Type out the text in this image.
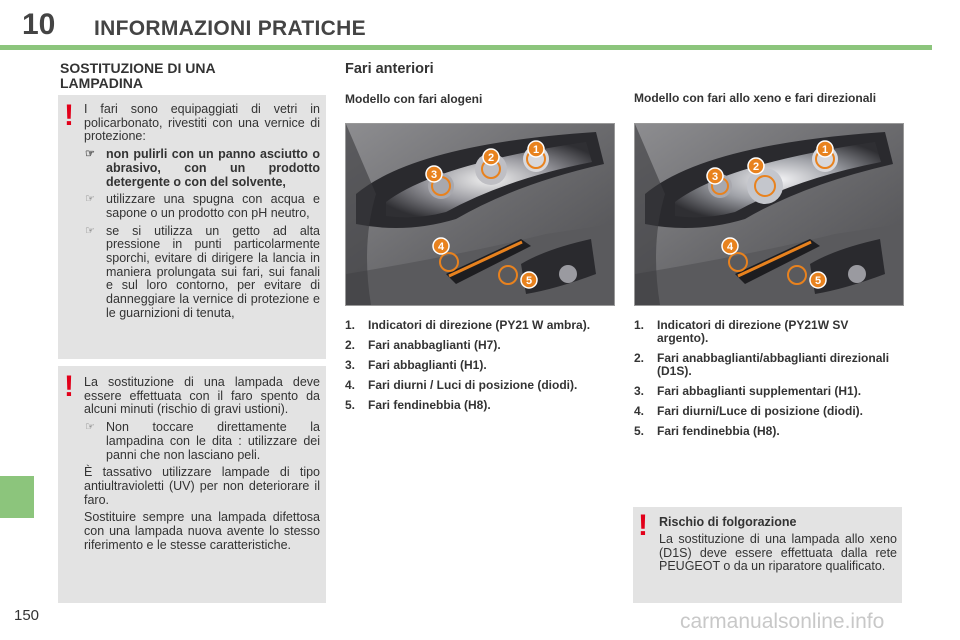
10 INFORMAZIONI PRATICHE
150	carmanualsonline.info
SOSTITUZIONE DI UNA LAMPADINA
! I fari sono equipaggiati di vetri in policarbonato, rivestiti con una vernice di protezione:

☞ non pulirli con un panno asciutto o abrasivo, con un prodotto detergente o con del solvente,
☞ utilizzare una spugna con acqua e sapone o un prodotto con pH neutro,
☞ se si utilizza un getto ad alta pressione in punti particolarmente sporchi, evitare di dirigere la lancia in maniera prolungata sui fari, sui fanali e sul loro contorno, per evitare di danneggiare la vernice di protezione e le guarnizioni di tenuta,
! La sostituzione di una lampada deve essere effettuata con il faro spento da alcuni minuti (rischio di gravi ustioni).

☞ Non toccare direttamente la lampadina con le dita : utilizzare dei panni che non lasciano peli.

È tassativo utilizzare lampade di tipo antiultravioletti (UV) per non deteriorare il faro.

Sostituire sempre una lampada difettosa con una lampada nuova avente lo stesso riferimento e le stesse caratteristiche.

Fari anteriori
Modello con fari alogeni	Modello con fari allo xeno e fari direzionali
1
2
3
4
5
1
2
3
4
5
1. Indicatori di direzione (PY21 W ambra).
2. Fari anabbaglianti (H7).
3. Fari abbaglianti (H1).
4. Fari diurni / Luci di posizione (diodi).
5. Fari fendinebbia (H8).
1. Indicatori di direzione (PY21W SV argento).
2. Fari anabbaglianti/abbaglianti direzionali (D1S).
3. Fari abbaglianti supplementari (H1).
4. Fari diurni/Luce di posizione (diodi).
5. Fari fendinebbia (H8).
! Rischio di folgorazione
La sostituzione di una lampada allo xeno (D1S) deve essere effettuata dalla rete PEUGEOT o da un riparatore qualificato.
